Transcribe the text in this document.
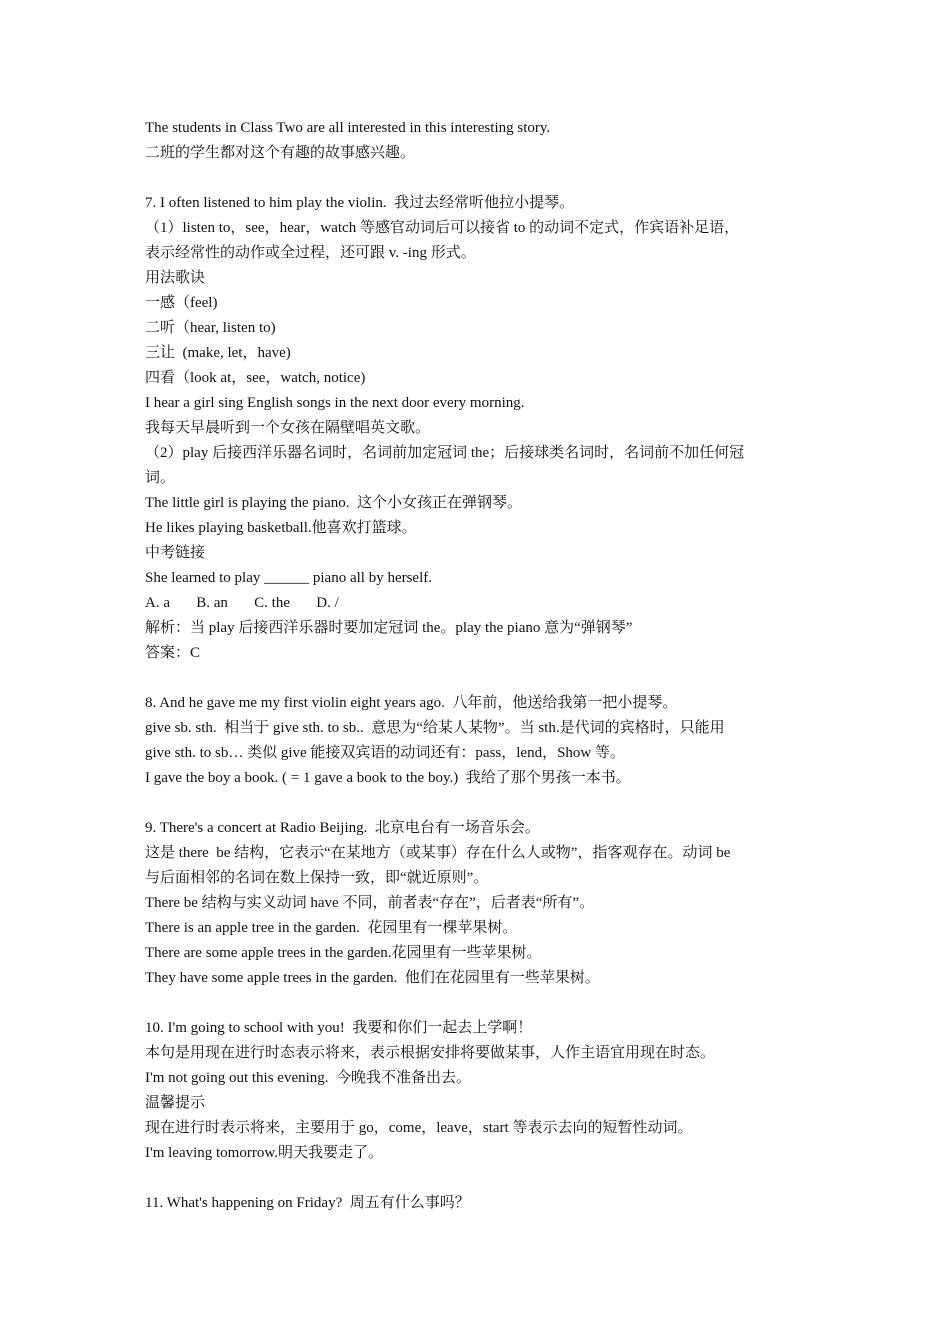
The students in Class Two are all interested in this interesting story.
二班的学生都对这个有趣的故事感兴趣。
7. I often listened to him play the violin.  我过去经常听他拉小提琴。
（1）listen to，see，hear，watch 等感官动词后可以接省 to 的动词不定式，作宾语补足语，
表示经常性的动作或全过程，还可跟 v. -ing 形式。
用法歌诀
一感（feel)
二听（hear, listen to)
三让  (make, let，have)
四看（look at，see，watch, notice)
I hear a girl sing English songs in the next door every morning.
我每天早晨听到一个女孩在隔壁唱英文歌。
（2）play 后接西洋乐器名词时，名词前加定冠词 the；后接球类名词时，名词前不加任何冠
词。
The little girl is playing the piano.  这个小女孩正在弹钢琴。
He likes playing basketball.他喜欢打篮球。
中考链接
She learned to play ______ piano all by herself.
A. a       B. an       C. the       D. /
解析：当 play 后接西洋乐器时要加定冠词 the。play the piano 意为“弹钢琴”
答案：C
8. And he gave me my first violin eight years ago.  八年前，他送给我第一把小提琴。
give sb. sth.  相当于 give sth. to sb..  意思为“给某人某物”。当 sth.是代词的宾格时，只能用
give sth. to sb… 类似 give 能接双宾语的动词还有：pass，lend，Show 等。
I gave the boy a book. ( = 1 gave a book to the boy.)  我给了那个男孩一本书。
9. There's a concert at Radio Beijing.  北京电台有一场音乐会。
这是 there  be 结构，它表示“在某地方（或某事）存在什么人或物”，指客观存在。动词 be
与后面相邻的名词在数上保持一致，即“就近原则”。
There be 结构与实义动词 have 不同，前者表“存在”，后者表“所有”。
There is an apple tree in the garden.  花园里有一棵苹果树。
There are some apple trees in the garden.花园里有一些苹果树。
They have some apple trees in the garden.  他们在花园里有一些苹果树。
10. I'm going to school with you!  我要和你们一起去上学啊！
本句是用现在进行时态表示将来，表示根据安排将要做某事，人作主语宜用现在时态。
I'm not going out this evening.  今晚我不准备出去。
温馨提示
现在进行时表示将来，主要用于 go，come，leave，start 等表示去向的短暂性动词。
I'm leaving tomorrow.明天我要走了。
11. What's happening on Friday?  周五有什么事吗？
